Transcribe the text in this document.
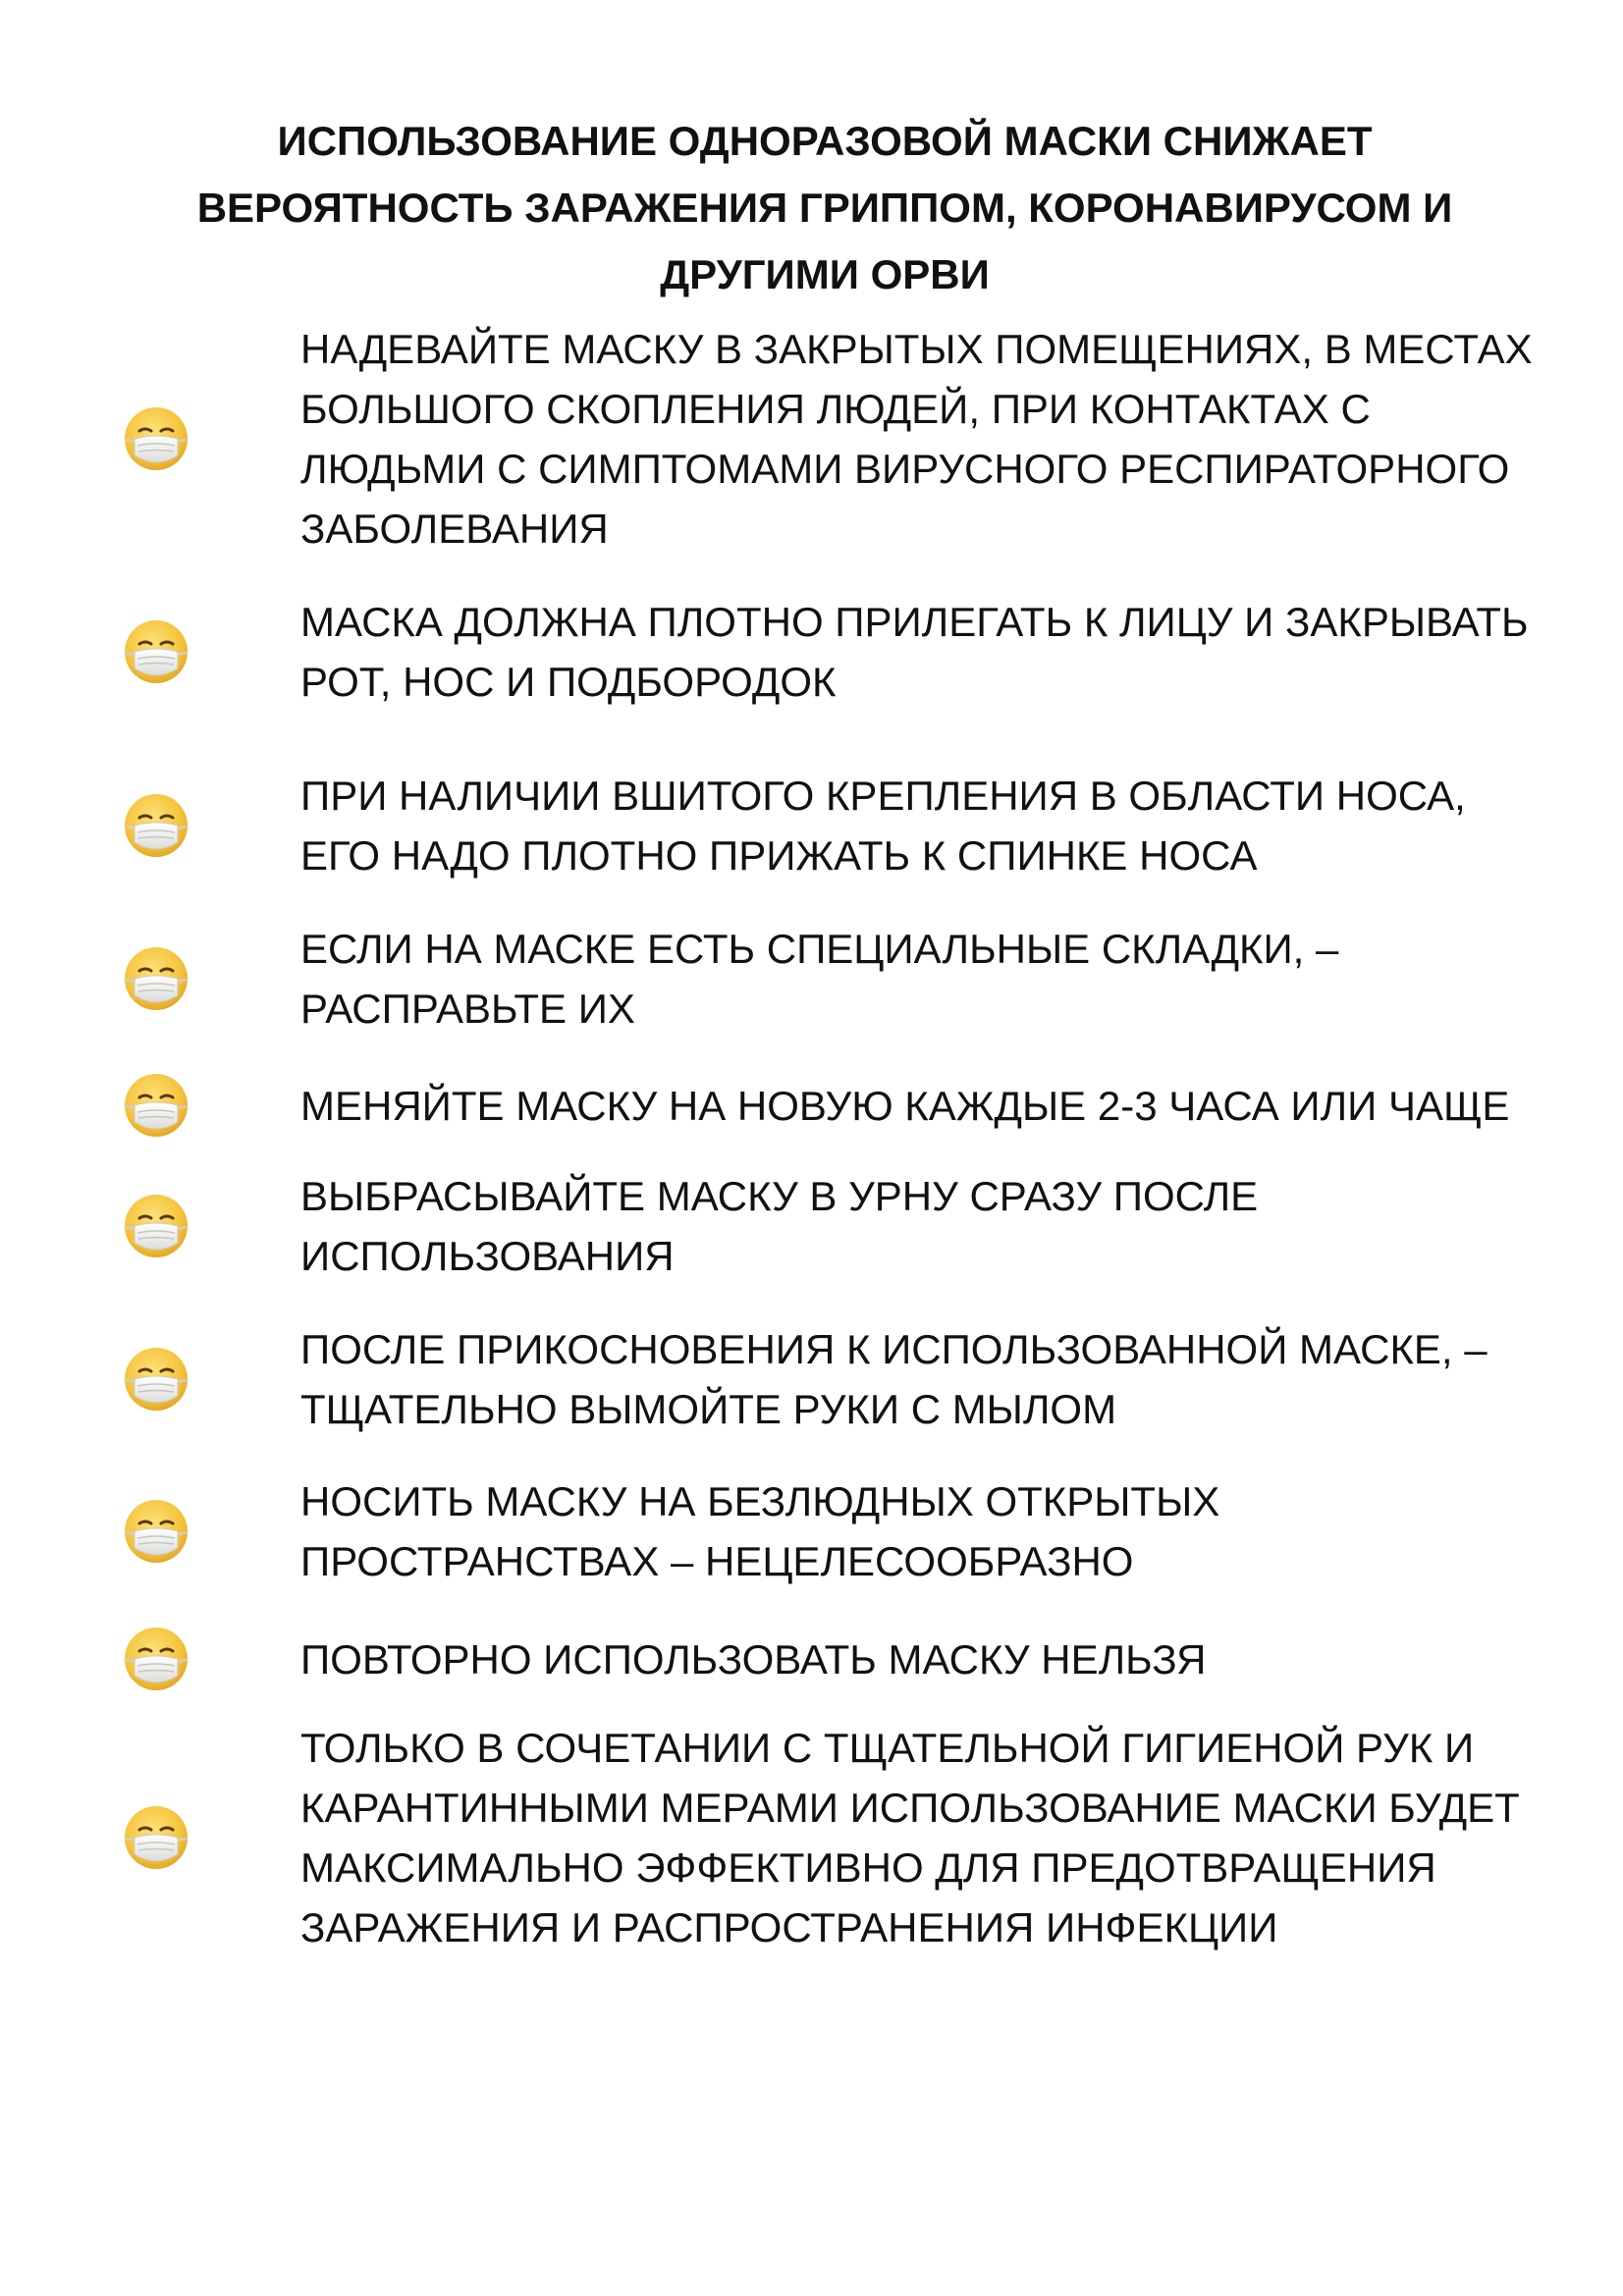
ИСПОЛЬЗОВАНИЕ ОДНОРАЗОВОЙ МАСКИ СНИЖАЕТ ВЕРОЯТНОСТЬ ЗАРАЖЕНИЯ ГРИППОМ, КОРОНАВИРУСОМ И ДРУГИМИ ОРВИ
НАДЕВАЙТЕ МАСКУ В ЗАКРЫТЫХ ПОМЕЩЕНИЯХ, В МЕСТАХ БОЛЬШОГО СКОПЛЕНИЯ ЛЮДЕЙ, ПРИ КОНТАКТАХ С ЛЮДЬМИ С СИМПТОМАМИ ВИРУСНОГО РЕСПИРАТОРНОГО ЗАБОЛЕВАНИЯ
МАСКА ДОЛЖНА ПЛОТНО ПРИЛЕГАТЬ К ЛИЦУ И ЗАКРЫВАТЬ РОТ, НОС И ПОДБОРОДОК
ПРИ НАЛИЧИИ ВШИТОГО КРЕПЛЕНИЯ В ОБЛАСТИ НОСА, ЕГО НАДО ПЛОТНО ПРИЖАТЬ К СПИНКЕ НОСА
ЕСЛИ НА МАСКЕ ЕСТЬ СПЕЦИАЛЬНЫЕ СКЛАДКИ, – РАСПРАВЬТЕ ИХ
МЕНЯЙТЕ МАСКУ НА НОВУЮ КАЖДЫЕ 2-3 ЧАСА ИЛИ ЧАЩЕ
ВЫБРАСЫВАЙТЕ МАСКУ В УРНУ СРАЗУ ПОСЛЕ ИСПОЛЬЗОВАНИЯ
ПОСЛЕ ПРИКОСНОВЕНИЯ К ИСПОЛЬЗОВАННОЙ МАСКЕ, – ТЩАТЕЛЬНО ВЫМОЙТЕ РУКИ С МЫЛОМ
НОСИТЬ МАСКУ НА БЕЗЛЮДНЫХ ОТКРЫТЫХ ПРОСТРАНСТВАХ – НЕЦЕЛЕСООБРАЗНО
ПОВТОРНО ИСПОЛЬЗОВАТЬ МАСКУ НЕЛЬЗЯ
ТОЛЬКО В СОЧЕТАНИИ С ТЩАТЕЛЬНОЙ ГИГИЕНОЙ РУК И КАРАНТИННЫМИ МЕРАМИ ИСПОЛЬЗОВАНИЕ МАСКИ БУДЕТ МАКСИМАЛЬНО ЭФФЕКТИВНО ДЛЯ ПРЕДОТВРАЩЕНИЯ ЗАРАЖЕНИЯ И РАСПРОСТРАНЕНИЯ ИНФЕКЦИИ
